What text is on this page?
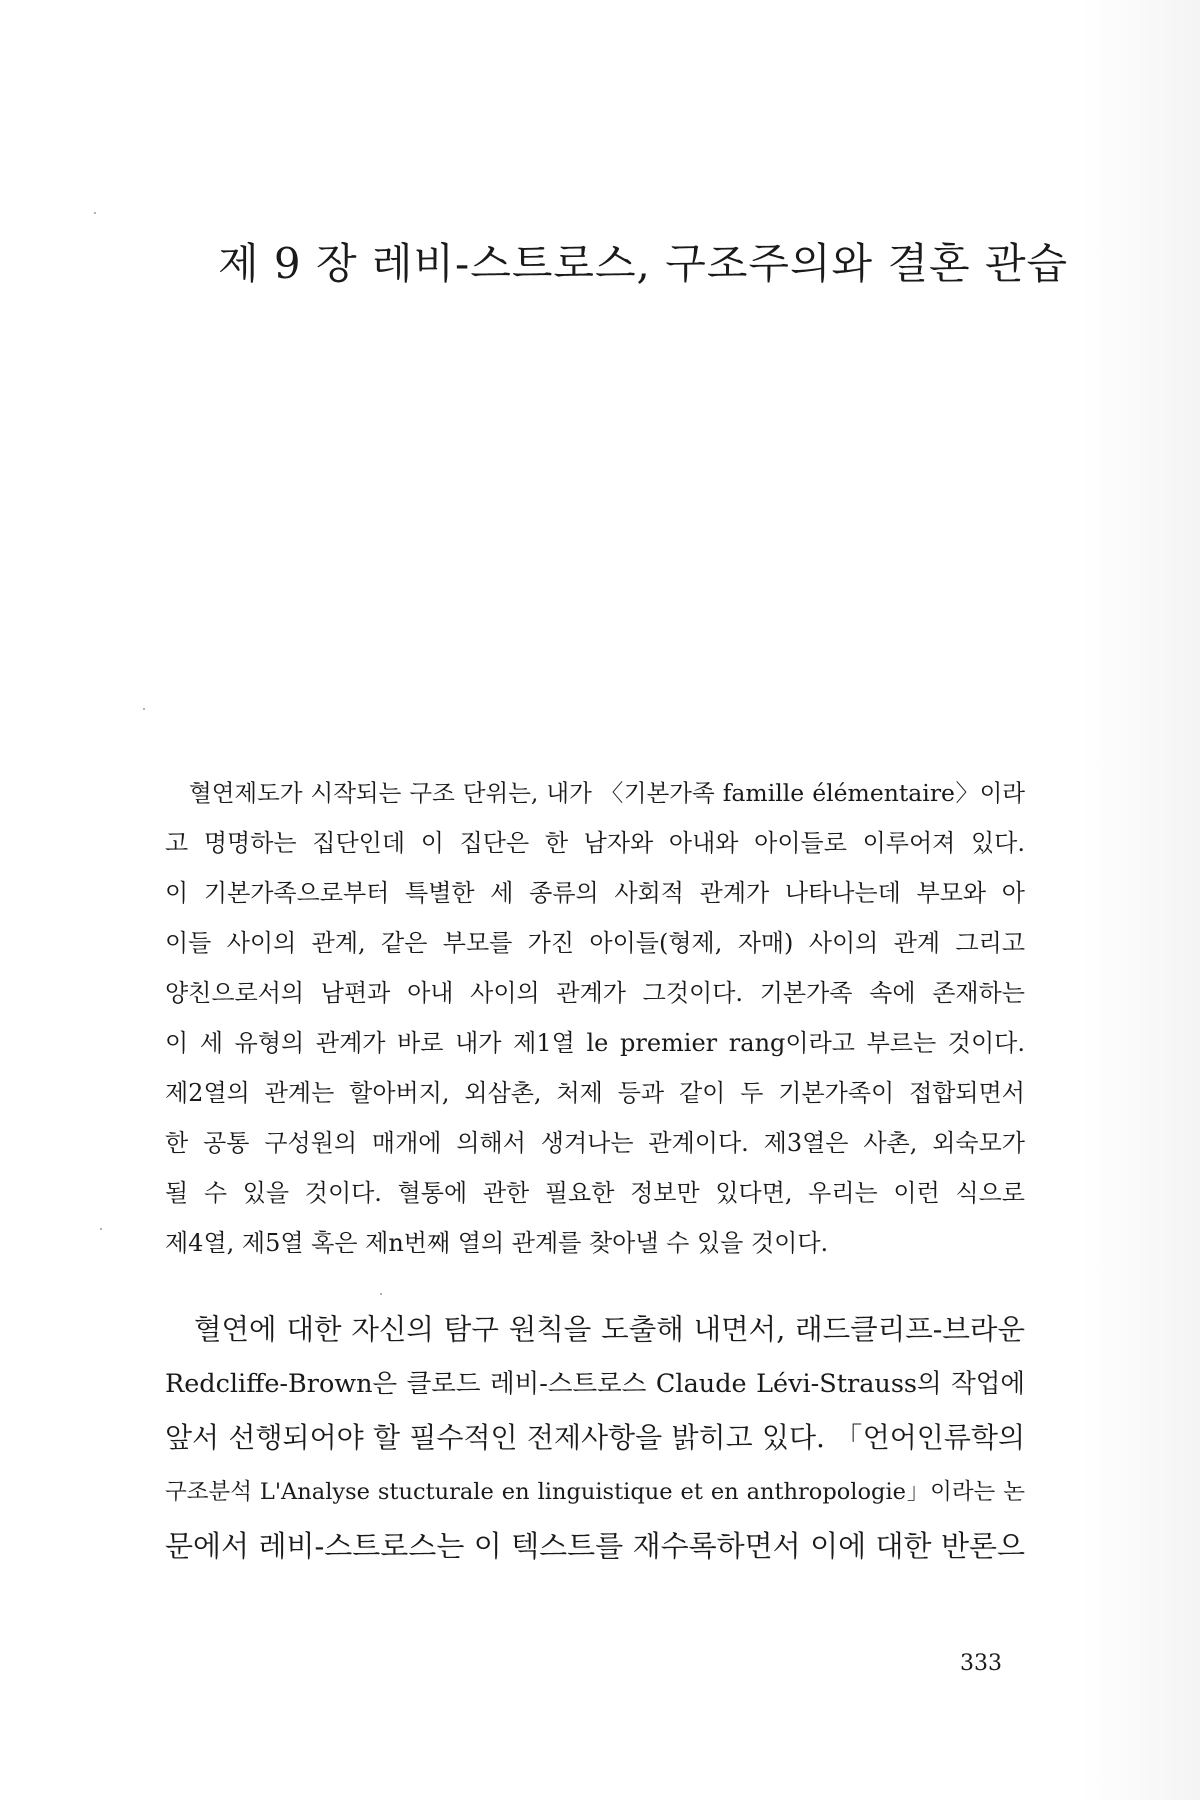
제 9 장 레비-스트로스, 구조주의와 결혼 관습
혈연제도가 시작되는 구조 단위는, 내가 〈기본가족 famille élémentaire〉이라
고 명명하는 집단인데 이 집단은 한 남자와 아내와 아이들로 이루어져 있다.
이 기본가족으로부터 특별한 세 종류의 사회적 관계가 나타나는데 부모와 아
이들 사이의 관계, 같은 부모를 가진 아이들(형제, 자매) 사이의 관계 그리고
양친으로서의 남편과 아내 사이의 관계가 그것이다. 기본가족 속에 존재하는
이 세 유형의 관계가 바로 내가 제1열 le premier rang이라고 부르는 것이다.
제2열의 관계는 할아버지, 외삼촌, 처제 등과 같이 두 기본가족이 접합되면서
한 공통 구성원의 매개에 의해서 생겨나는 관계이다. 제3열은 사촌, 외숙모가
될 수 있을 것이다. 혈통에 관한 필요한 정보만 있다면, 우리는 이런 식으로
제4열, 제5열 혹은 제n번째 열의 관계를 찾아낼 수 있을 것이다.
혈연에 대한 자신의 탐구 원칙을 도출해 내면서, 래드클리프-브라운
Redcliffe-Brown은 클로드 레비-스트로스 Claude Lévi-Strauss의 작업에
앞서 선행되어야 할 필수적인 전제사항을 밝히고 있다. 「언어인류학의
구조분석 L'Analyse stucturale en linguistique et en anthropologie」이라는 논
문에서 레비-스트로스는 이 텍스트를 재수록하면서 이에 대한 반론으
333
